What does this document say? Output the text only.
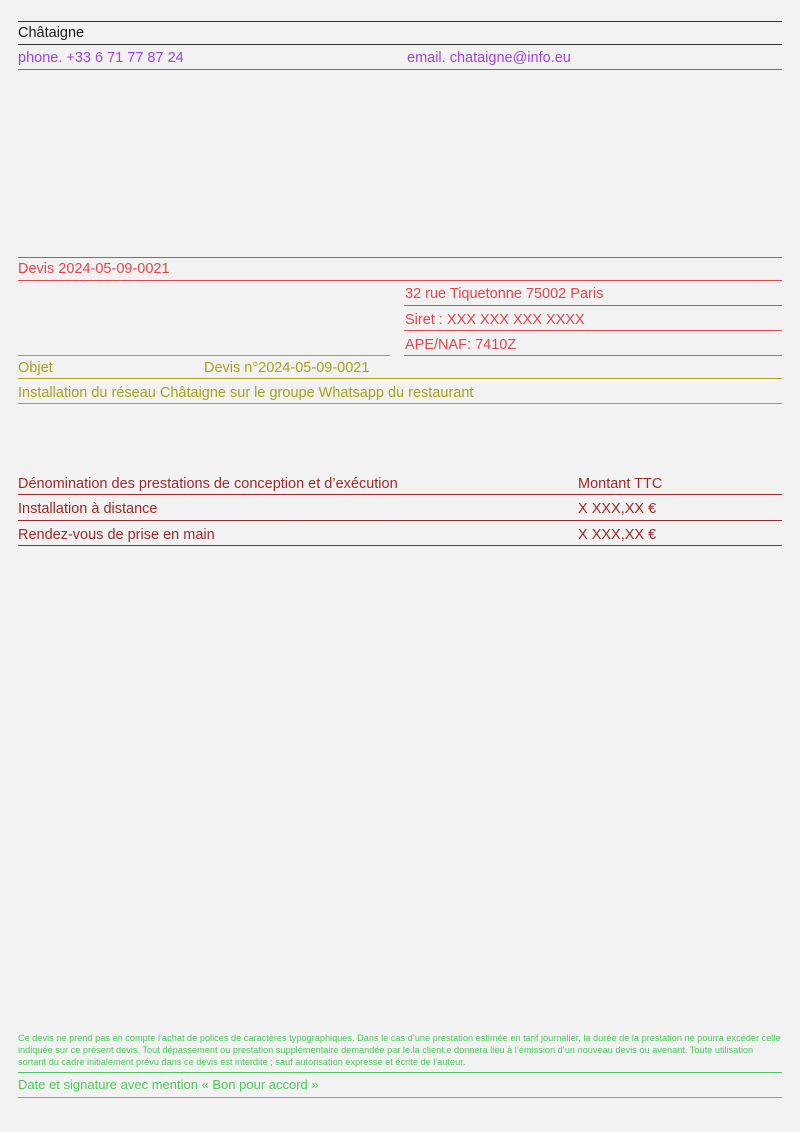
Châtaigne
phone. +33 6 71 77 87 24	email. chataigne@info.eu
Devis 2024-05-09-0021
32 rue Tiquetonne 75002 Paris
Siret : XXX XXX XXX XXXX
APE/NAF: 7410Z
Objet	Devis n°2024-05-09-0021
Installation du réseau Châtaigne sur le groupe Whatsapp du restaurant
Dénomination des prestations de conception et d’exécution	Montant TTC
Installation à distance	X XXX,XX €
Rendez-vous de prise en main	X XXX,XX €
Ce devis ne prend pas en compte l’achat de polices de caractères typographiques. Dans le cas d’une prestation estimée en tarif journalier, la durée de la prestation ne pourra excéder celle indiquée sur ce présent devis. Tout dépassement ou prestation supplémentaire demandée par le.la client.e donnera lieu à l’émission d’un nouveau devis ou avenant. Toute utilisation sortant du cadre initialement prévu dans ce devis est interdite ; sauf autorisation expresse et écrite de l’auteur.
Date et signature avec mention « Bon pour accord »
